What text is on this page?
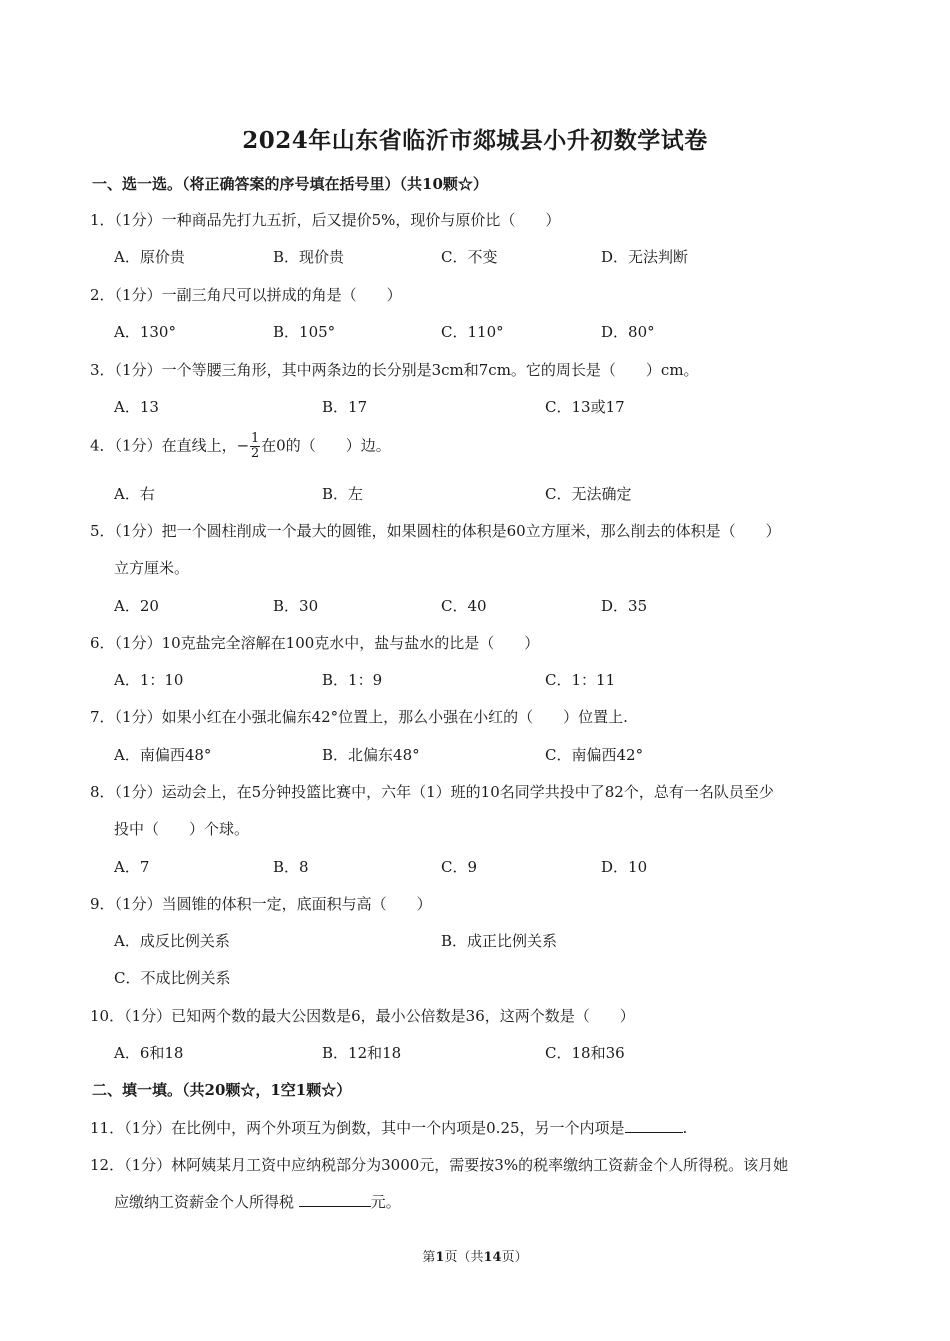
2024年山东省临沂市郯城县小升初数学试卷
一、选一选。（将正确答案的序号填在括号里）（共10颗☆）
1．（1分）一种商品先打九五折，后又提价5%，现价与原价比（　　）
A．原价贵	B．现价贵	C．不变	D．无法判断
2．（1分）一副三角尺可以拼成的角是（　　）
A．130°	B．105°	C．110°	D．80°
3．（1分）一个等腰三角形，其中两条边的长分别是3cm和7cm。它的周长是（　　）cm。
A．13	B．17	C．13或17
4．（1分）在直线上，− $\frac{1}{2}$ 在0的（　　）边。
A．右	B．左	C．无法确定
5．（1分）把一个圆柱削成一个最大的圆锥，如果圆柱的体积是60立方厘米，那么削去的体积是（　　）
立方厘米。
A．20	B．30	C．40	D．35
6．（1分）10克盐完全溶解在100克水中，盐与盐水的比是（　　）
A．1：10	B．1：9	C．1：11
7．（1分）如果小红在小强北偏东42°位置上，那么小强在小红的（　　）位置上.
A．南偏西48°	B．北偏东48°	C．南偏西42°
8．（1分）运动会上，在5分钟投篮比赛中，六年（1）班的10名同学共投中了82个，总有一名队员至少
投中（　　）个球。
A．7	B．8	C．9	D．10
9．（1分）当圆锥的体积一定，底面积与高（　　）
A．成反比例关系	B．成正比例关系
C．不成比例关系
10．（1分）已知两个数的最大公因数是6，最小公倍数是36，这两个数是（　　）
A．6和18	B．12和18	C．18和36
二、填一填。（共20颗☆，1空1颗☆）
11．（1分）在比例中，两个外项互为倒数，其中一个内项是0.25，另一个内项是	.
12．（1分）林阿姨某月工资中应纳税部分为3000元，需要按3%的税率缴纳工资薪金个人所得税。该月她
应缴纳工资薪金个人所得税	元。
第1页（共14页）
